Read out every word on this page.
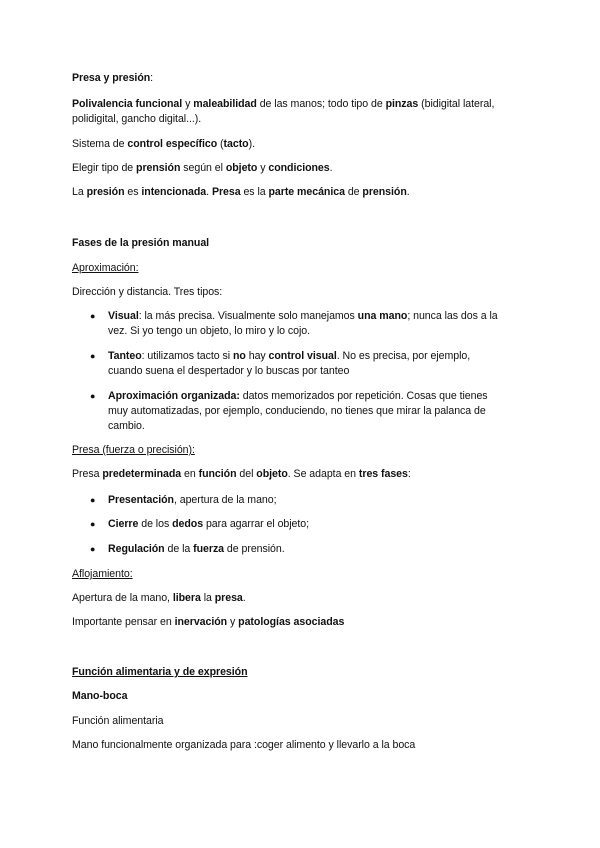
Presa y presión:
Polivalencia funcional y maleabilidad de las manos; todo tipo de pinzas (bidigital lateral,
polidigital, gancho digital...).
Sistema de control específico (tacto).
Elegir tipo de prensión según el objeto y condiciones.
La presión es intencionada. Presa es la parte mecánica de prensión.
Fases de la presión manual
Aproximación:
Dirección y distancia. Tres tipos:
● Visual: la más precisa. Visualmente solo manejamos una mano; nunca las dos a la
vez. Si yo tengo un objeto, lo miro y lo cojo.
● Tanteo: utilizamos tacto si no hay control visual. No es precisa, por ejemplo,
cuando suena el despertador y lo buscas por tanteo
● Aproximación organizada: datos memorizados por repetición. Cosas que tienes
muy automatizadas, por ejemplo, conduciendo, no tienes que mirar la palanca de
cambio.
Presa (fuerza o precisión):
Presa predeterminada en función del objeto. Se adapta en tres fases:
● Presentación, apertura de la mano;
● Cierre de los dedos para agarrar el objeto;
● Regulación de la fuerza de prensión.
Aflojamiento:
Apertura de la mano, libera la presa.
Importante pensar en inervación y patologías asociadas
Función alimentaria y de expresión
Mano-boca
Función alimentaria
Mano funcionalmente organizada para :coger alimento y llevarlo a la boca
